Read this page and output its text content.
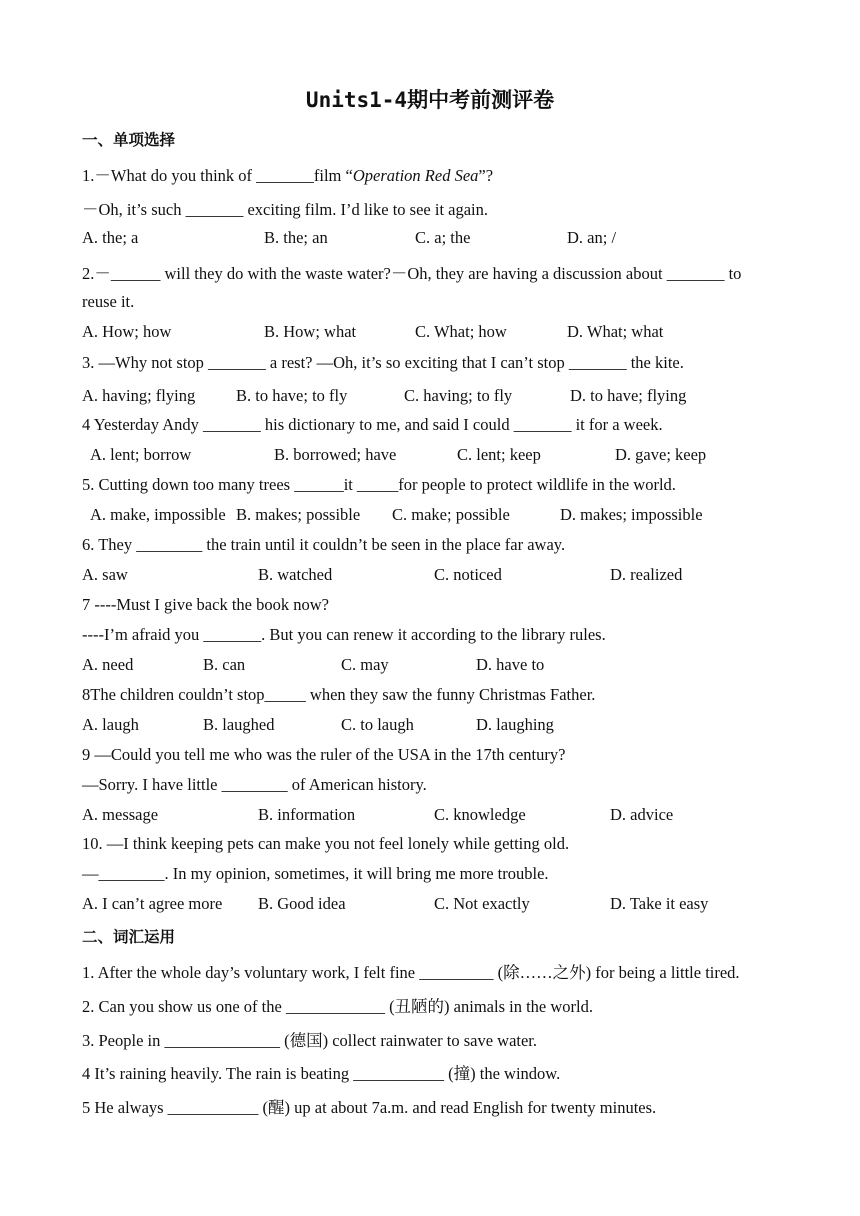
Units1-4期中考前测评卷
一、单项选择
1.－What do you think of _______film “Operation Red Sea”?
－Oh, it’s such _______ exciting film. I’d like to see it again.
A. the; a	B. the; an	C. a; the	D. an; /
2.－______ will they do with the waste water?－Oh, they are having a discussion about _______ to
reuse it.
A. How; how	B. How; what	C. What; how	D. What; what
3. —Why not stop _______ a rest? —Oh, it’s so exciting that I can’t stop _______ the kite.
A. having; flying B. to have; to fly	C. having; to fly	D. to have; flying
4 Yesterday Andy _______ his dictionary to me, and said I could _______ it for a week.
A. lent; borrow	B. borrowed; have	C. lent; keep	D. gave; keep
5. Cutting down too many trees ______it _____for people to protect wildlife in the world.
A. make, impossible B. makes; possible C. make; possible	D. makes; impossible
6. They ________ the train until it couldn’t be seen in the place far away.
A. saw	B. watched	C. noticed	D. realized
7 ----Must I give back the book now?
----I’m afraid you _______. But you can renew it according to the library rules.
A. need	B. can	C. may	D. have to
8The children couldn’t stop_____ when they saw the funny Christmas Father.
A. laugh	B. laughed	C. to laugh	D. laughing
9 —Could you tell me who was the ruler of the USA in the 17th century?
—Sorry. I have little ________ of American history.
A. message	B. information	C. knowledge	D. advice
10. —I think keeping pets can make you not feel lonely while getting old.
—________. In my opinion, sometimes, it will bring me more trouble.
A. I can’t agree more B. Good idea	C. Not exactly	D. Take it easy
二、词汇运用
1. After the whole day’s voluntary work, I felt fine _________ (除……之外) for being a little tired.
2. Can you show us one of the ____________ (丑陋的) animals in the world.
3. People in ______________ (德国) collect rainwater to save water.
4 It’s raining heavily. The rain is beating ___________ (撞) the window.
5 He always ___________ (醒) up at about 7a.m. and read English for twenty minutes.
